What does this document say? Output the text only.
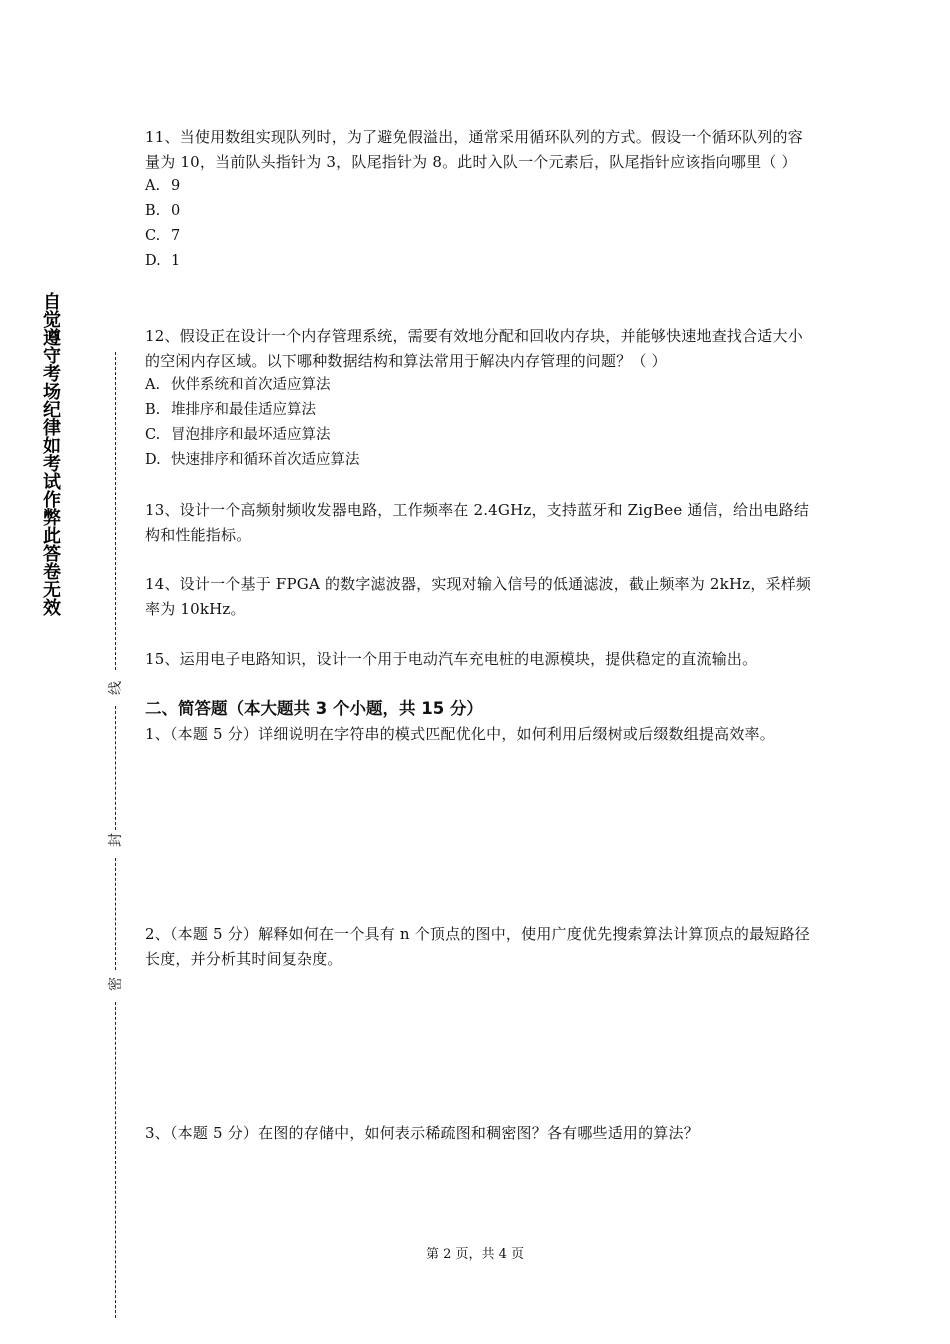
自觉遵守考场纪律如考试作弊此答卷无效
线
封
密

11、当使用数组实现队列时，为了避免假溢出，通常采用循环队列的方式。假设一个循环队列的容量为 10，当前队头指针为 3，队尾指针为 8。此时入队一个元素后，队尾指针应该指向哪里（ ）

A. 9

B. 0

C. 7

D. 1

12、假设正在设计一个内存管理系统，需要有效地分配和回收内存块，并能够快速地查找合适大小的空闲内存区域。以下哪种数据结构和算法常用于解决内存管理的问题？（ ）

A. 伙伴系统和首次适应算法

B. 堆排序和最佳适应算法

C. 冒泡排序和最坏适应算法

D. 快速排序和循环首次适应算法

13、设计一个高频射频收发器电路，工作频率在 2.4GHz，支持蓝牙和 ZigBee 通信，给出电路结构和性能指标。

14、设计一个基于 FPGA 的数字滤波器，实现对输入信号的低通滤波，截止频率为 2kHz，采样频率为 10kHz。

15、运用电子电路知识，设计一个用于电动汽车充电桩的电源模块，提供稳定的直流输出。

二、简答题（本大题共 3 个小题，共 15 分）

1、（本题 5 分）详细说明在字符串的模式匹配优化中，如何利用后缀树或后缀数组提高效率。

2、（本题 5 分）解释如何在一个具有 n 个顶点的图中，使用广度优先搜索算法计算顶点的最短路径长度，并分析其时间复杂度。

3、（本题 5 分）在图的存储中，如何表示稀疏图和稠密图？各有哪些适用的算法？

第 2 页，共 4 页
